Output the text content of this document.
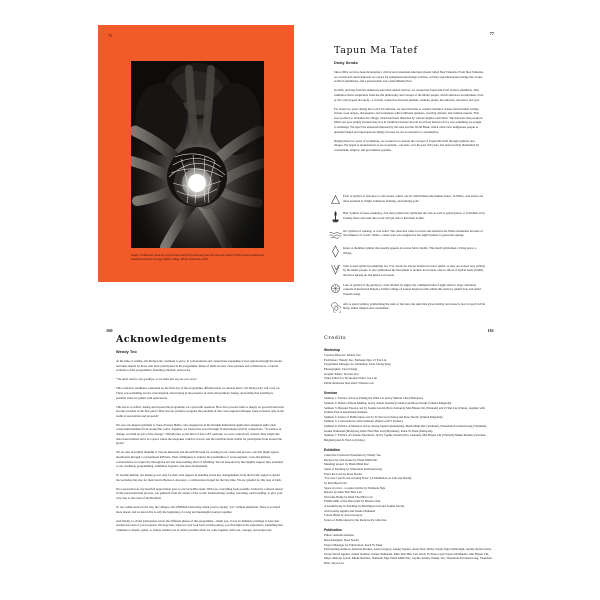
76
Image: Traditional ritual are performed to ask for the blessing from the ancestors and Uis Pah through healing the matahani and feet of a pig, Taiftob village, Mollo, Indonesia, 2020.
77
Tapun Ma Tatef
Dicky Senda

Since 2004, we have been developing a critical and contextual education model called Skol Tamolok. From Skol Tamolok, we conceived Lakoat.Kujawas as a space for indigenous knowledge archives, actively reproducing knowledge into books, archival exhibitions, and a gastronomic tour called Mnahat Fe'u.

In 2022, drawing from the numerous narratives shared with us, we created the Tapun Ma Tatef archive exhibition. This exhibition draws inspiration from the life philosophy and concept of the Mollo people, which embraces an unbroken circle or life cycle (tapun ma tatef)—a circular connection between humans, animals, plants, the universe, ancestors, and god.

For about two years during the Covid-19 outbreak, we used this time to conduct intensive classes that included writing fiction, food recipes, discussions, and workshops with traditional speakers, weaving artisans, and cultural experts. This was an effort to revitalise the village, which had been impacted by various stigmas and labels. The narrative that people in Mollo are poor simply because they live in traditional houses and eat local food instead of rice was something we sought to challenge. We reject the standards imposed by the state and the World Bank, which often view indigenous people as underprivileged and unprosperous simply because we are not modern or consumptive.

During these two years of workshops, we worked to re-narrate the concept of Tapun Ma Tatef through symbols and images. We began to understand it as an ecosystem—one that, over the past 100 years, has been forcibly dismantled by colonialism, religion, and government systems.

Fatu: A symbol of faut/anoj or clan stones, which can be called hitutes like human bones'. In Mollo, clan stones are often narrated as 'bright, luminous, flaming, and burning gold.'
Hau: Symbol of trees, haukanoj, clan trees; plants that symbolise the clan as well as penuti (taboo or forbidden acts). Usually those who hurt this wood will get sick or hurt their bodies.
Oe: Symbol of oekanoj, or clan water. The clans that came in waves and settled in the Mollo mountains because of the influence of 'water'. Mollo, a sister who was assigned by her eight brothers to guard the springs.
Kuan: A rhombus symbol that usually appears in woven fabric motifs. This motif symbolises a living space, a village.
Vini: A seed symbol (resembling two V's). Seeds are always believed to have spirits, so they are treated very politely by the Mollo people. It also symbolises the movement to archive local seeds, and is critical of hybrid seeds (GMO) that have sprung up and killed local seeds.
Lole: A symbol of the garden (a circle divided by eight), the communal land of eight amaf or large customary councils in Kefetoran Netpala, Taiftob village of Lakoat.Kujawas falls within this territory (Amaf Toto and Amaf Tanesib rules).
Afu: A spiral symbol, symbolising the ruler of the land, the spirit that gives fertility and protects food crops (Uis Pah Nitu). When religion and colonialism
160
Acknowledgements
Wendy Teo

At the time of writing, On Reciprocity continues to grow, in conversations and connections expanding across regions through the stories and ideas shared by those who have participated in the programme. Many of them are now close partners and collaborators, a natural evolution of the programme's founding principle: reciprocity.

“We don't want to say goodbye, or we shall just say see you soon.”

This collective sentiment, expressed on the final day of the programme, affirmed what we already knew: On Reciprocity will carry on. There was something sacred, even magical, about being in the presence of such extraordinary beings, and feeling that anything is possible when we gather with open hearts.

This led us to reflect, during and beyond the programme, on a powerful question: How did a process built so deeply on goodwill and trust become possible in the first place? How did our partners recognise the potential of this cross-regional dialogue when it existed only in the realm of speculation and proposal?

We owe our deepest gratitude to Vuosa Europe Hafira, who engaged us in the Nordisk Kulturfond application alongside eight other consortium members from around the world. Together, we formed the Good Enough Transformation (GET) connections. “To believe in change, we must be part of the change.” With Borneo as the third of four GET outlooks, we were collectively curious: How might this Asia-based testbed serve as a space where the unspoken could be voiced, and the invisible made visible for participants from around the globe?

We are also incredibly thankful to Vuosan Research and the ArtFAb team for trusting in our vision and process, one that might appear unorthodox through a conventional KPI lens. Their willingness to explore the possibilities of cross-regional, cross-disciplinary conversations on reciprocity through the arts has been nothing short of affirming. We are honoured by the tangible support they extended to our workshop programming, exhibition logistics, and asset development.

To Goethe-Institut, our thanks go not only for their vital support in enabling seven key changemakers from the Pacific region to attend the workshop but also for their trust in Borneo Laboratory, a collaboration forged for the first time. We are grateful for this leap of faith.

On a personal note, my heartfelt appreciation goes to our incredible team. With you, everything feels possible. United by a shared retreat in this unconventional process, you gathered from all corners of the world, brainstorming, testing, executing, and travelling, to give your very best to the Land of the Hornbill.

To our collaborators in the city, the villages, and UNIMAS University, thank you for saying “yes” without hesitation. There is so much more ahead, and we know this is only the beginning of a long and meaningful journey together.

And finally, to all the participants across the different phases of this programme—thank you. It was an immense privilege to have met and known each of you in person. We hope that, wherever you look back on this journey, you find light in the experience, something that continues to inspire, guide, or simply remind you of what's possible when we come together with care, courage, and reciprocity.

161
Credits
Workshop
Creative Director: Wendy Teo
Facilitators: Wendy Teo, Nathanie Ngu, Zi Yan Liu
Programme Manager for Workshop: Tuan Chong Seng
Photographer: Jared Chang
Graphic Editor: Stewart Ooi
Video Editor for Promotion Video: Jen Loh
Public Relations Specialist: Winona Law
Seminar
Seminar 1: Politics of Food, Plating the Wild 4.0, led by Marian Chin (Malaysia).
Seminar 2: Ritual of Book Making, led by Jennie Seddick (Canada) and Rose Nordic (United Kingdom).
Seminar 3: Disaster Theatre, led by Sophie Jerram (New Zealand), Mai Huyen Chi (Vietnam) and Zi Yan Liu (China), together with Unimas FACA department students.
Seminar 4: Union of Publications, led by Zi Yan Liu (China) and Rose Nordic (United Kingdom).
Seminar 5: Conversations with Culturans (Mexico GET Partner).
Seminar 6: Politics of Material, led by Anang Saputra (Indonesia), Pham Minh Duc (Vietnam), Wisteslada Pavitsernwong (Thailand), Jeanne Nathaniel (Malaysia), Khin Thet Htar Lati (Myanmar), Kuck Yi Xuan (Malaysia).
Seminar 7: Politics of Climate Narratives, led by Sophie Jerram (New Zealand), Mai Huyen Chi (Vietnam) Mieke Renders (Sweden, Belgium) and Zi Yan Liu (China)
Exhibition
Collective Curatorial Statement by Wendy Teo
Reciprocity with nature by Pham Minh Duc
Mending project by Pham Minh Duc
Spirit of Kuching by Wisteslada Pavitsernwong
Paper the Cave by Rose Nordic
“For now I just focus on being Nasa” (A Meditation on Life and Death)
by Mai Huyen Chi
Space in a box - a sound archive by Nathanie Ngu
Reborn by Khin Thet Htar Lati
Welcome Home by Khin Thet Htar Lati
FOOD ARK of the Discarded by Marian Chin
A beautiful day in Kuching by Mai Huyen Chi and Sophie Jerram
with Jeremy Aguilar and Jennie Nathaniel
Colour Blind by Arton Gregory
Union of Publications by the Reciprocity collective
Publication
Editor: Amanda Arianna
Book Designer: Rose Nordic
Project Manager for Publication: Kuck Yi Xuan
Participating Authors: Amanda Arianna, Arton Gregory, Anang Saputra, Anna Noel, Dicky Senda, Inge Schinvingh, Jeremy Andorovitch, Jerzey David Aguilar, Jennie Seddick, Jeanne Nathaniel, Khin Thet Htar Lati, Kuck Yi Xuan, Lynn Sayers McMurtrie, Mai Huyen Chi, Meya, Melody Lynch, Mieke Renders, Nathanie Ngu, Pham Minh Duc, Sophie Jerram, Wendy Teo, Wisteslada Pavitsernwong, Yuanchen Dian, Ziyan Liu.
